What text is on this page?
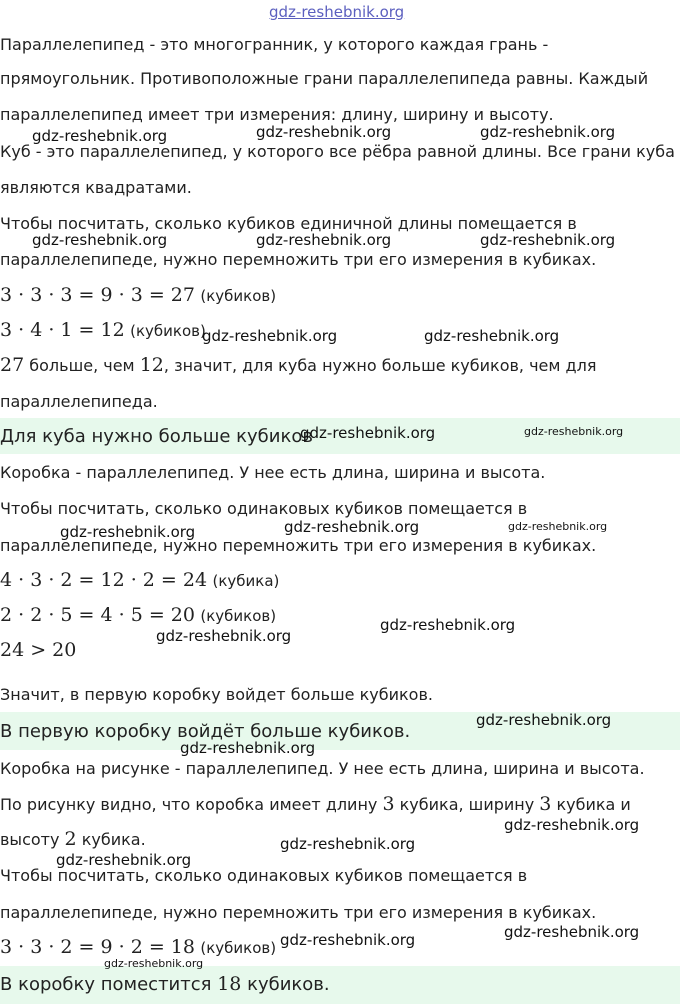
gdz-reshebnik.org
Параллелепипед - это многогранник, у которого каждая грань -
прямоугольник. Противоположные грани параллелепипеда равны. Каждый
параллелепипед имеет три измерения: длину, ширину и высоту.
Куб - это параллелепипед, у которого все рёбра равной длины. Все грани куба
являются квадратами.
Чтобы посчитать, сколько кубиков единичной длины помещается в
параллелепипеде, нужно перемножить три его измерения в кубиках.
3 · 3 · 3 = 9 · 3 = 27 (кубиков)
3 · 4 · 1 = 12 (кубиков)
27 больше, чем 12, значит, для куба нужно больше кубиков, чем для
параллелепипеда.
Для куба нужно больше кубиков
Коробка - параллелепипед. У нее есть длина, ширина и высота.
Чтобы посчитать, сколько одинаковых кубиков помещается в
параллелепипеде, нужно перемножить три его измерения в кубиках.
4 · 3 · 2 = 12 · 2 = 24 (кубика)
2 · 2 · 5 = 4 · 5 = 20 (кубиков)
24 > 20
Значит, в первую коробку войдет больше кубиков.
В первую коробку войдёт больше кубиков.
Коробка на рисунке - параллелепипед. У нее есть длина, ширина и высота.
По рисунку видно, что коробка имеет длину 3 кубика, ширину 3 кубика и
высоту 2 кубика.
Чтобы посчитать, сколько одинаковых кубиков помещается в
параллелепипеде, нужно перемножить три его измерения в кубиках.
3 · 3 · 2 = 9 · 2 = 18 (кубиков)
В коробку поместится 18 кубиков.
gdz-reshebnik.org	gdz-reshebnik.org	gdz-reshebnik.org
gdz-reshebnik.org	gdz-reshebnik.org	gdz-reshebnik.org
gdz-reshebnik.org	gdz-reshebnik.org
gdz-reshebnik.org	gdz-reshebnik.org
gdz-reshebnik.org	gdz-reshebnik.org	gdz-reshebnik.org
gdz-reshebnik.org
gdz-reshebnik.org
gdz-reshebnik.org
gdz-reshebnik.org
gdz-reshebnik.org
gdz-reshebnik.org
gdz-reshebnik.org
gdz-reshebnik.org	gdz-reshebnik.org
gdz-reshebnik.org
